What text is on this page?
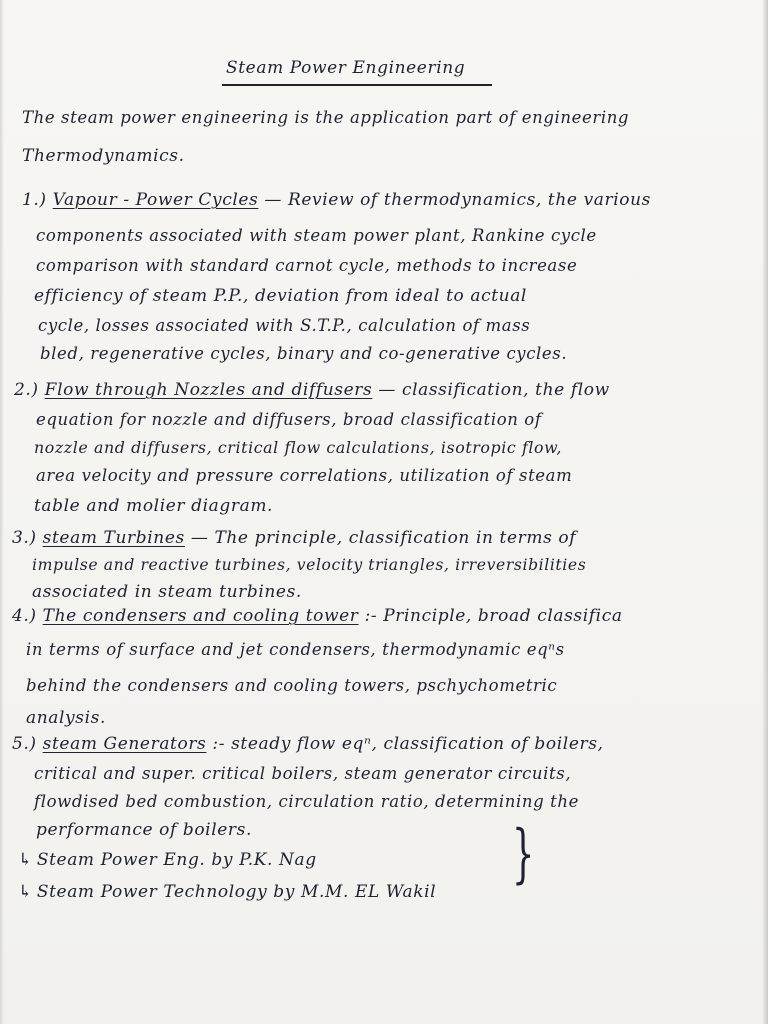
Steam Power Engineering
The steam power engineering is the application part of engineering
Thermodynamics.
1.) Vapour - Power Cycles — Review of thermodynamics, the various
components associated with steam power plant, Rankine cycle
comparison with standard carnot cycle, methods to increase
efficiency of steam P.P., deviation from ideal to actual
cycle, losses associated with S.T.P., calculation of mass
bled, regenerative cycles, binary and co-generative cycles.
2.) Flow through Nozzles and diffusers — classification, the flow
equation for nozzle and diffusers, broad classification of
nozzle and diffusers, critical flow calculations, isotropic flow,
area velocity and pressure correlations, utilization of steam
table and molier diagram.
3.) steam Turbines — The principle, classification in terms of
impulse and reactive turbines, velocity triangles, irreversibilities
associated in steam turbines.
4.) The condensers and cooling tower :- Principle, broad classifica
in terms of surface and jet condensers, thermodynamic eqⁿs
behind the condensers and cooling towers, pschychometric
analysis.
5.) steam Generators :- steady flow eqⁿ, classification of boilers,
critical and super. critical boilers, steam generator circuits,
flowdised bed combustion, circulation ratio, determining the
performance of boilers.
↳ Steam Power Eng. by P.K. Nag
↳ Steam Power Technology by M.M. EL Wakil
}
